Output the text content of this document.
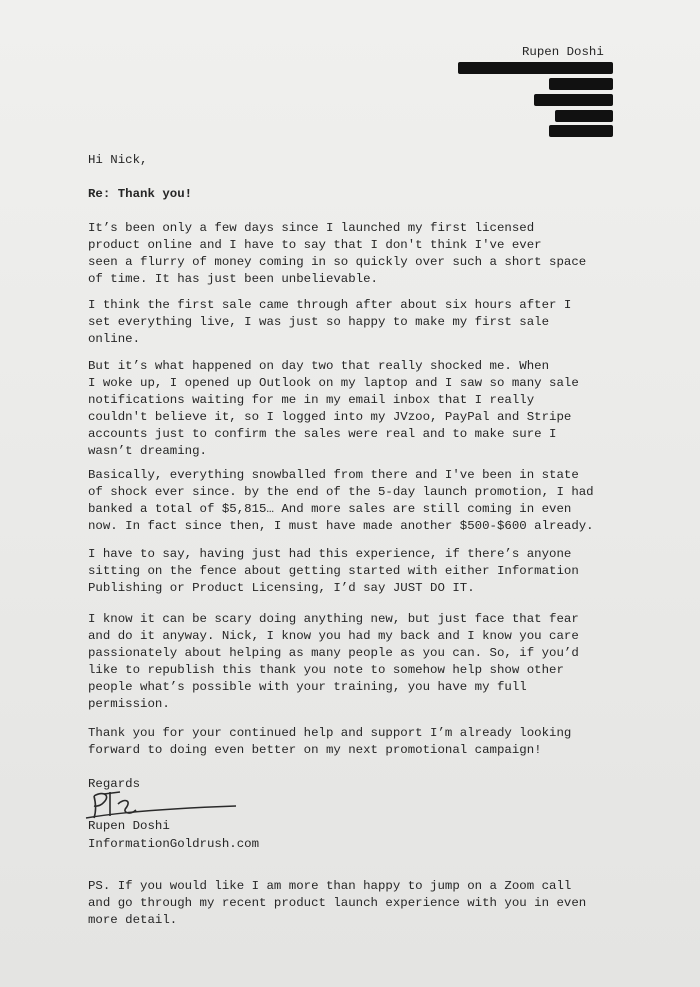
Rupen Doshi
Hi Nick,
Re: Thank you!
It’s been only a few days since I launched my first licensed
product online and I have to say that I don't think I've ever
seen a flurry of money coming in so quickly over such a short space
of time. It has just been unbelievable.
I think the first sale came through after about six hours after I
set everything live, I was just so happy to make my first sale
online.
But it’s what happened on day two that really shocked me. When
I woke up, I opened up Outlook on my laptop and I saw so many sale
notifications waiting for me in my email inbox that I really
couldn't believe it, so I logged into my JVzoo, PayPal and Stripe
accounts just to confirm the sales were real and to make sure I
wasn’t dreaming.
Basically, everything snowballed from there and I've been in state
of shock ever since. by the end of the 5-day launch promotion, I had
banked a total of $5,815… And more sales are still coming in even
now. In fact since then, I must have made another $500-$600 already.
I have to say, having just had this experience, if there’s anyone
sitting on the fence about getting started with either Information
Publishing or Product Licensing, I’d say JUST DO IT.
I know it can be scary doing anything new, but just face that fear
and do it anyway. Nick, I know you had my back and I know you care
passionately about helping as many people as you can. So, if you’d
like to republish this thank you note to somehow help show other
people what’s possible with your training, you have my full
permission.
Thank you for your continued help and support I’m already looking
forward to doing even better on my next promotional campaign!
Regards
Rupen Doshi
InformationGoldrush.com
PS. If you would like I am more than happy to jump on a Zoom call
and go through my recent product launch experience with you in even
more detail.
